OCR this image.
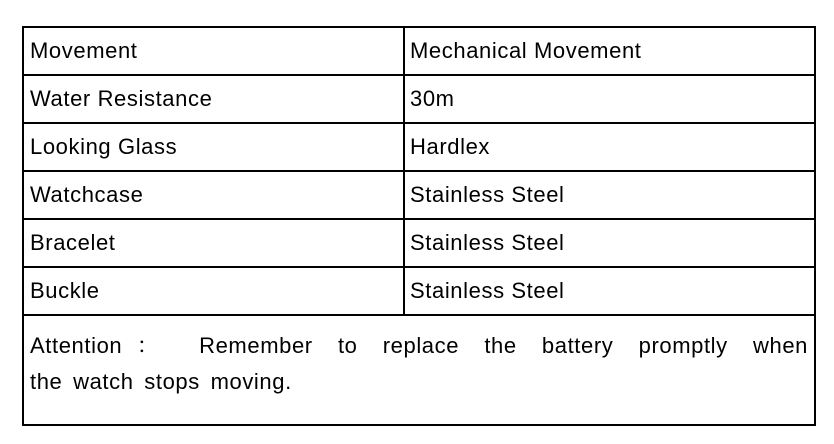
Movement	Mechanical Movement
Water Resistance	30m
Looking Glass	Hardlex
Watchcase	Stainless Steel
Bracelet	Stainless Steel
Buckle	Stainless Steel
Attention： Remember to replace the battery promptly when
the watch stops moving.
